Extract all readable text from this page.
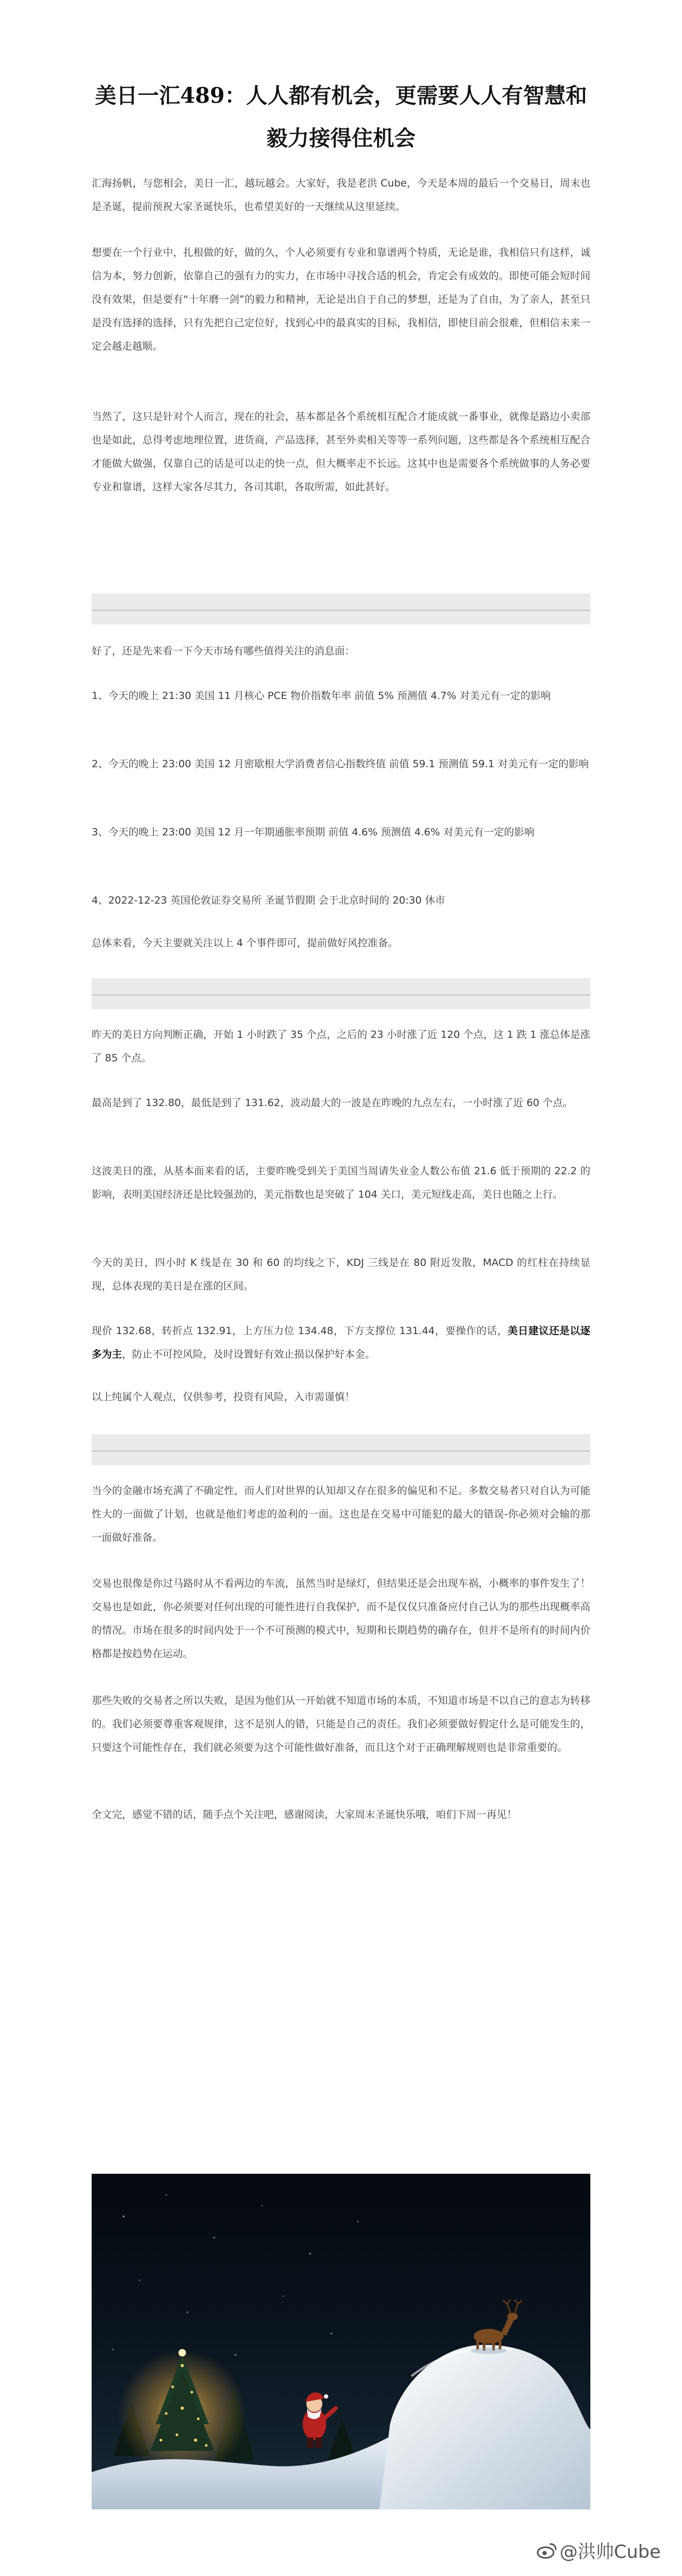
美日一汇489：人人都有机会，更需要人人有智慧和毅力接得住机会

汇海扬帆，与您相会，美日一汇，越玩越会。大家好，我是老洪 Cube，今天是本周的最后一个交易日，周末也是圣诞，提前预祝大家圣诞快乐，也希望美好的一天继续从这里延续。

想要在一个行业中，扎根做的好，做的久，个人必须要有专业和靠谱两个特质，无论是谁，我相信只有这样，诚信为本，努力创新，依靠自己的强有力的实力，在市场中寻找合适的机会，肯定会有成效的。即使可能会短时间没有效果，但是要有“十年磨一剑”的毅力和精神，无论是出自于自己的梦想，还是为了自由，为了亲人，甚至只是没有选择的选择，只有先把自己定位好，找到心中的最真实的目标，我相信，即使目前会很难，但相信未来一定会越走越顺。

当然了，这只是针对个人而言，现在的社会，基本都是各个系统相互配合才能成就一番事业，就像是路边小卖部也是如此，总得考虑地理位置，进货商，产品选择，甚至外卖相关等等一系列问题，这些都是各个系统相互配合才能做大做强，仅靠自己的话是可以走的快一点，但大概率走不长远。这其中也是需要各个系统做事的人务必要专业和靠谱，这样大家各尽其力，各司其职，各取所需，如此甚好。

好了，还是先来看一下今天市场有哪些值得关注的消息面：

1、今天的晚上 21:30 美国 11 月核心 PCE 物价指数年率 前值 5% 预测值 4.7% 对美元有一定的影响

2、今天的晚上 23:00 美国 12 月密歇根大学消费者信心指数终值 前值 59.1 预测值 59.1 对美元有一定的影响

3、今天的晚上 23:00 美国 12 月一年期通胀率预期 前值 4.6% 预测值 4.6% 对美元有一定的影响

4、2022-12-23 英国伦敦证券交易所 圣诞节假期 会于北京时间的 20:30 休市

总体来看，今天主要就关注以上 4 个事件即可，提前做好风控准备。

昨天的美日方向判断正确，开始 1 小时跌了 35 个点，之后的 23 小时涨了近 120 个点，这 1 跌 1 涨总体是涨了 85 个点。

最高是到了 132.80，最低是到了 131.62，波动最大的一波是在昨晚的九点左右，一小时涨了近 60 个点。

这波美日的涨，从基本面来看的话，主要昨晚受到关于美国当周请失业金人数公布值 21.6 低于预期的 22.2 的影响，表明美国经济还是比较强劲的，美元指数也是突破了 104 关口，美元短线走高，美日也随之上行。

今天的美日，四小时 K 线是在 30 和 60 的均线之下，KDJ 三线是在 80 附近发散，MACD 的红柱在持续显现，总体表现的美日是在涨的区间。

现价 132.68，转折点 132.91，上方压力位 134.48，下方支撑位 131.44，要操作的话，美日建议还是以逐多为主，防止不可控风险，及时设置好有效止损以保护好本金。

以上纯属个人观点，仅供参考，投资有风险，入市需谨慎！

当今的金融市场充满了不确定性，而人们对世界的认知却又存在很多的偏见和不足。多数交易者只对自认为可能性大的一面做了计划，也就是他们考虑的盈利的一面。这也是在交易中可能犯的最大的错误-你必须对会输的那一面做好准备。

交易也很像是你过马路时从不看两边的车流，虽然当时是绿灯，但结果还是会出现车祸，小概率的事件发生了！交易也是如此，你必须要对任何出现的可能性进行自我保护，而不是仅仅只准备应付自己认为的那些出现概率高的情况。市场在很多的时间内处于一个不可预测的模式中，短期和长期趋势的确存在，但并不是所有的时间内价格都是按趋势在运动。

那些失败的交易者之所以失败，是因为他们从一开始就不知道市场的本质，不知道市场是不以自己的意志为转移的。我们必须要尊重客观规律，这不是别人的错，只能是自己的责任。我们必须要做好假定什么是可能发生的，只要这个可能性存在，我们就必须要为这个可能性做好准备，而且这个对于正确理解规则也是非常重要的。

全文完，感觉不错的话，随手点个关注吧，感谢阅读，大家周末圣诞快乐哦，咱们下周一再见！

@洪帅Cube
